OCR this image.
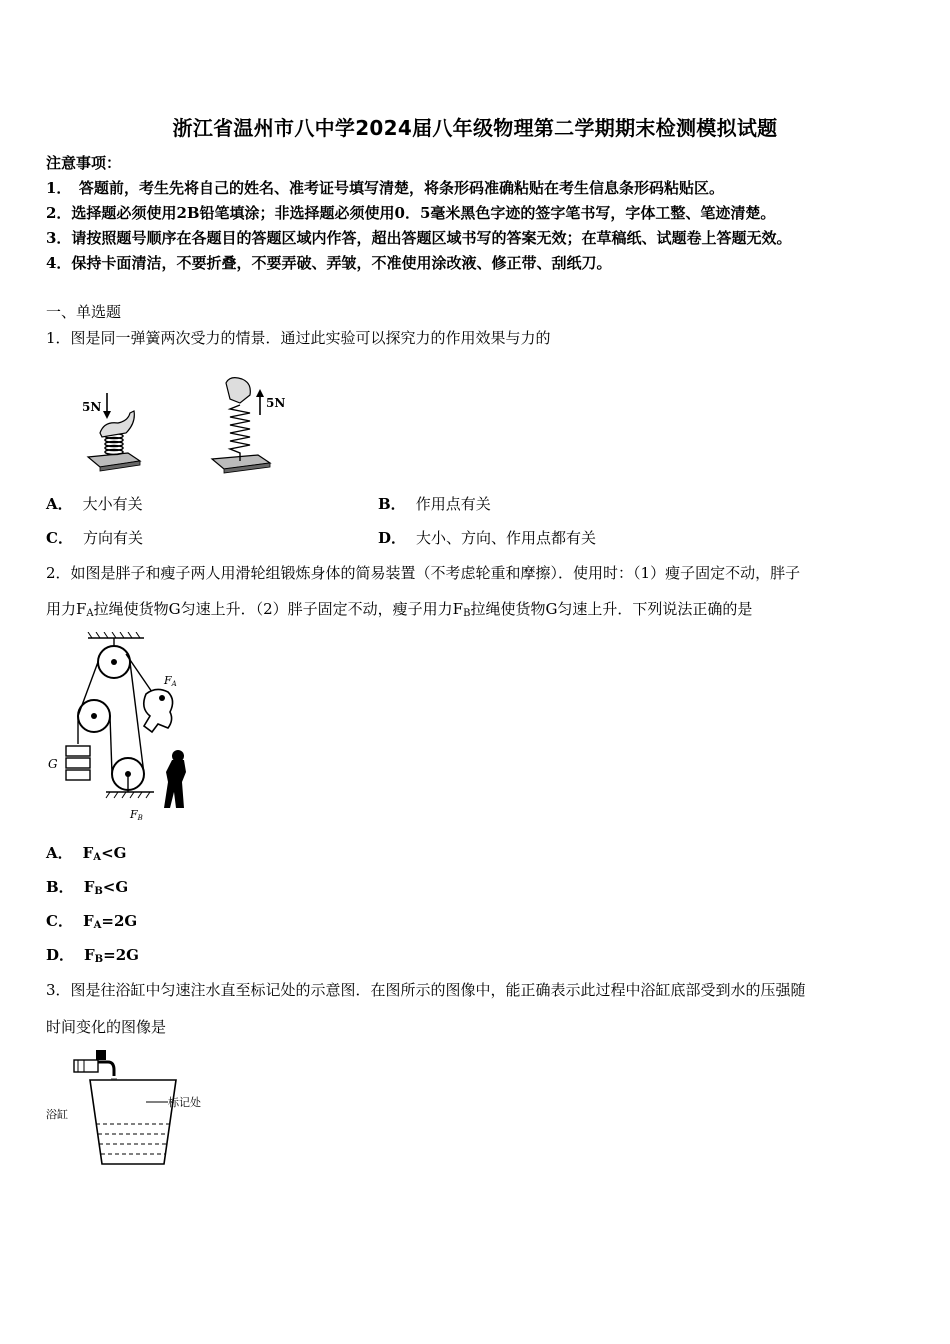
浙江省温州市八中学2024届八年级物理第二学期期末检测模拟试题
注意事项：
1．　答题前，考生先将自己的姓名、准考证号填写清楚，将条形码准确粘贴在考生信息条形码粘贴区。
2．选择题必须使用2B铅笔填涂；非选择题必须使用0．5毫米黑色字迹的签字笔书写，字体工整、笔迹清楚。
3．请按照题号顺序在各题目的答题区域内作答，超出答题区域书写的答案无效；在草稿纸、试题卷上答题无效。
4．保持卡面清洁，不要折叠，不要弄破、弄皱，不准使用涂改液、修正带、刮纸刀。
一、单选题
1．图是同一弹簧两次受力的情景．通过此实验可以探究力的作用效果与力的
5N	5N
A． 大小有关	B． 作用点有关
C． 方向有关	D． 大小、方向、作用点都有关
2．如图是胖子和瘦子两人用滑轮组锻炼身体的简易装置（不考虑轮重和摩擦）．使用时：（1）瘦子固定不动，胖子
用力$F_A$拉绳使货物G匀速上升．（2）胖子固定不动，瘦子用力$F_B$拉绳使货物G匀速上升．下列说法正确的是
G
FA
FB
A． $F_A<G$
B． $F_B<G$
C． $F_A=2G$
D． $F_B=2G$
3．图是往浴缸中匀速注水直至标记处的示意图．在图所示的图像中，能正确表示此过程中浴缸底部受到水的压强随
时间变化的图像是
标记处
浴缸
